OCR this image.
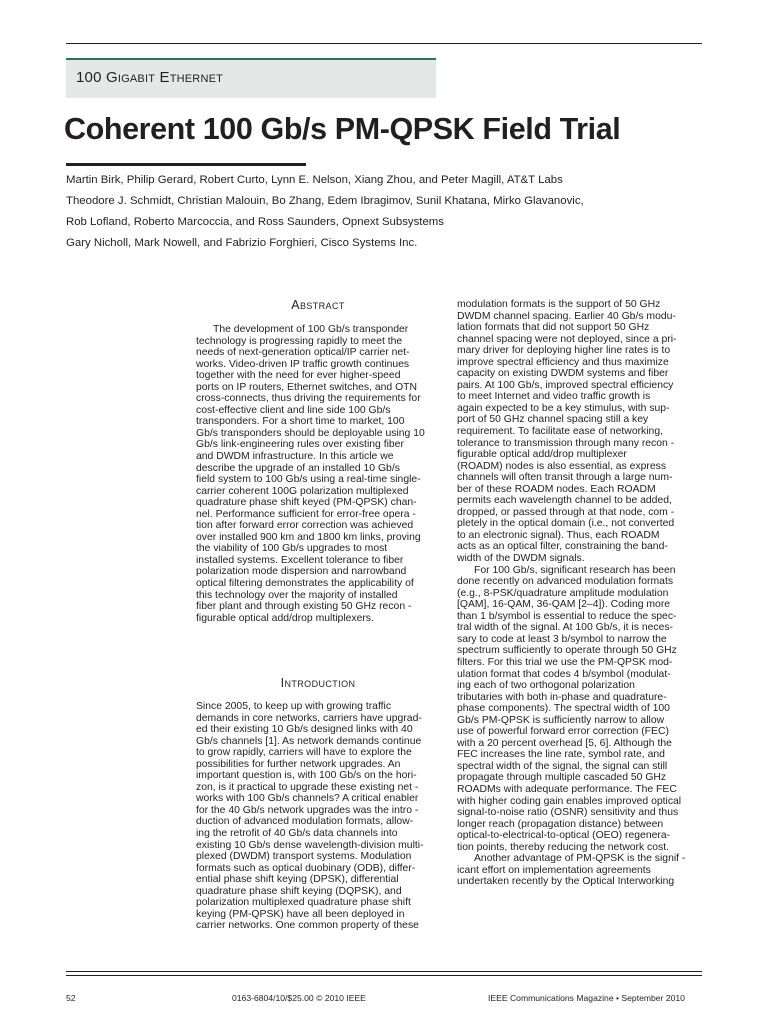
100 Gigabit Ethernet
Coherent 100 Gb/s PM-QPSK Field Trial
Martin Birk, Philip Gerard, Robert Curto, Lynn E. Nelson, Xiang Zhou, and Peter Magill, AT&T Labs
Theodore J. Schmidt, Christian Malouin, Bo Zhang, Edem Ibragimov, Sunil Khatana, Mirko Glavanovic,
Rob Lofland, Roberto Marcoccia, and Ross Saunders, Opnext Subsystems
Gary Nicholl, Mark Nowell, and Fabrizio Forghieri, Cisco Systems Inc.
Abstract
The development of 100 Gb/s transponder
technology is progressing rapidly to meet the
needs of next-generation optical/IP carrier net-
works. Video-driven IP traffic growth continues
together with the need for ever higher-speed
ports on IP routers, Ethernet switches, and OTN
cross-connects, thus driving the requirements for
cost-effective client and line side 100 Gb/s
transponders. For a short time to market, 100
Gb/s transponders should be deployable using 10
Gb/s link-engineering rules over existing fiber
and DWDM infrastructure. In this article we
describe the upgrade of an installed 10 Gb/s
field system to 100 Gb/s using a real-time single-
carrier coherent 100G polarization multiplexed
quadrature phase shift keyed (PM-QPSK) chan-
nel. Performance sufficient for error-free opera -
tion after forward error correction was achieved
over installed 900 km and 1800 km links, proving
the viability of 100 Gb/s upgrades to most
installed systems. Excellent tolerance to fiber
polarization mode dispersion and narrowband
optical filtering demonstrates the applicability of
this technology over the majority of installed
fiber plant and through existing 50 GHz recon -
figurable optical add/drop multiplexers.
Introduction
Since 2005, to keep up with growing traffic
demands in core networks, carriers have upgrad-
ed their existing 10 Gb/s designed links with 40
Gb/s channels [1]. As network demands continue
to grow rapidly, carriers will have to explore the
possibilities for further network upgrades. An
important question is, with 100 Gb/s on the hori-
zon, is it practical to upgrade these existing net -
works with 100 Gb/s channels? A critical enabler
for the 40 Gb/s network upgrades was the intro -
duction of advanced modulation formats, allow-
ing the retrofit of 40 Gb/s data channels into
existing 10 Gb/s dense wavelength-division multi-
plexed (DWDM) transport systems. Modulation
formats such as optical duobinary (ODB), differ-
ential phase shift keying (DPSK), differential
quadrature phase shift keying (DQPSK), and
polarization multiplexed quadrature phase shift
keying (PM-QPSK) have all been deployed in
carrier networks. One common property of these
modulation formats is the support of 50 GHz
DWDM channel spacing. Earlier 40 Gb/s modu-
lation formats that did not support 50 GHz
channel spacing were not deployed, since a pri-
mary driver for deploying higher line rates is to
improve spectral efficiency and thus maximize
capacity on existing DWDM systems and fiber
pairs. At 100 Gb/s, improved spectral efficiency
to meet Internet and video traffic growth is
again expected to be a key stimulus, with sup-
port of 50 GHz channel spacing still a key
requirement. To facilitate ease of networking,
tolerance to transmission through many recon -
figurable optical add/drop multiplexer
(ROADM) nodes is also essential, as express
channels will often transit through a large num-
ber of these ROADM nodes. Each ROADM
permits each wavelength channel to be added,
dropped, or passed through at that node, com -
pletely in the optical domain (i.e., not converted
to an electronic signal). Thus, each ROADM
acts as an optical filter, constraining the band-
width of the DWDM signals.
For 100 Gb/s, significant research has been
done recently on advanced modulation formats
(e.g., 8-PSK/quadrature amplitude modulation
[QAM], 16-QAM, 36-QAM [2–4]). Coding more
than 1 b/symbol is essential to reduce the spec-
tral width of the signal. At 100 Gb/s, it is neces-
sary to code at least 3 b/symbol to narrow the
spectrum sufficiently to operate through 50 GHz
filters. For this trial we use the PM-QPSK mod-
ulation format that codes 4 b/symbol (modulat-
ing each of two orthogonal polarization
tributaries with both in-phase and quadrature-
phase components). The spectral width of 100
Gb/s PM-QPSK is sufficiently narrow to allow
use of powerful forward error correction (FEC)
with a 20 percent overhead [5, 6]. Although the
FEC increases the line rate, symbol rate, and
spectral width of the signal, the signal can still
propagate through multiple cascaded 50 GHz
ROADMs with adequate performance. The FEC
with higher coding gain enables improved optical
signal-to-noise ratio (OSNR) sensitivity and thus
longer reach (propagation distance) between
optical-to-electrical-to-optical (OEO) regenera-
tion points, thereby reducing the network cost.
Another advantage of PM-QPSK is the signif -
icant effort on implementation agreements
undertaken recently by the Optical Interworking
52	0163-6804/10/$25.00 © 2010 IEEE	IEEE Communications Magazine • September 2010
